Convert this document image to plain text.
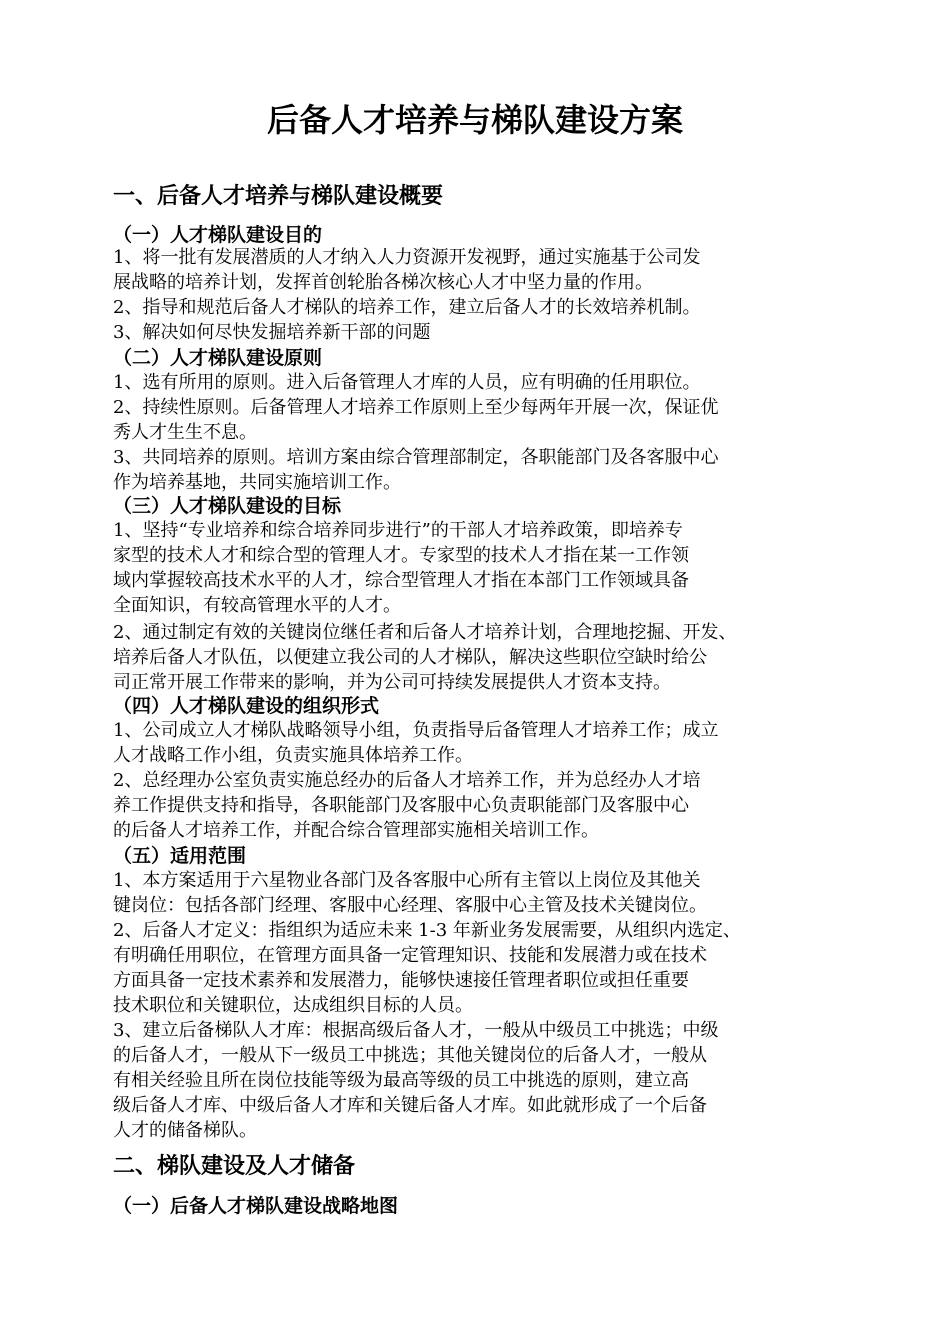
后备人才培养与梯队建设方案
一、后备人才培养与梯队建设概要
（一）人才梯队建设目的

1、将一批有发展潜质的人才纳入人力资源开发视野，通过实施基于公司发
展战略的培养计划，发挥首创轮胎各梯次核心人才中坚力量的作用。

2、指导和规范后备人才梯队的培养工作，建立后备人才的长效培养机制。

3、解决如何尽快发掘培养新干部的问题

（二）人才梯队建设原则

1、选有所用的原则。进入后备管理人才库的人员，应有明确的任用职位。

2、持续性原则。后备管理人才培养工作原则上至少每两年开展一次，保证优
秀人才生生不息。

3、共同培养的原则。培训方案由综合管理部制定，各职能部门及各客服中心
作为培养基地，共同实施培训工作。

（三）人才梯队建设的目标

1、坚持“专业培养和综合培养同步进行”的干部人才培养政策，即培养专
家型的技术人才和综合型的管理人才。专家型的技术人才指在某一工作领
域内掌握较高技术水平的人才，综合型管理人才指在本部门工作领域具备
全面知识，有较高管理水平的人才。

2、通过制定有效的关键岗位继任者和后备人才培养计划，合理地挖掘、开发、
培养后备人才队伍，以便建立我公司的人才梯队，解决这些职位空缺时给公
司正常开展工作带来的影响，并为公司可持续发展提供人才资本支持。

（四）人才梯队建设的组织形式

1、公司成立人才梯队战略领导小组，负责指导后备管理人才培养工作；成立
人才战略工作小组，负责实施具体培养工作。

2、总经理办公室负责实施总经办的后备人才培养工作，并为总经办人才培
养工作提供支持和指导，各职能部门及客服中心负责职能部门及客服中心
的后备人才培养工作，并配合综合管理部实施相关培训工作。

（五）适用范围

1、本方案适用于六星物业各部门及各客服中心所有主管以上岗位及其他关
键岗位：包括各部门经理、客服中心经理、客服中心主管及技术关键岗位。

2、后备人才定义：指组织为适应未来 1-3 年新业务发展需要，从组织内选定、
有明确任用职位，在管理方面具备一定管理知识、技能和发展潜力或在技术
方面具备一定技术素养和发展潜力，能够快速接任管理者职位或担任重要
技术职位和关键职位，达成组织目标的人员。

3、建立后备梯队人才库：根据高级后备人才，一般从中级员工中挑选；中级
的后备人才，一般从下一级员工中挑选；其他关键岗位的后备人才，一般从
有相关经验且所在岗位技能等级为最高等级的员工中挑选的原则，建立高
级后备人才库、中级后备人才库和关键后备人才库。如此就形成了一个后备
人才的储备梯队。

二、梯队建设及人才储备
（一）后备人才梯队建设战略地图
